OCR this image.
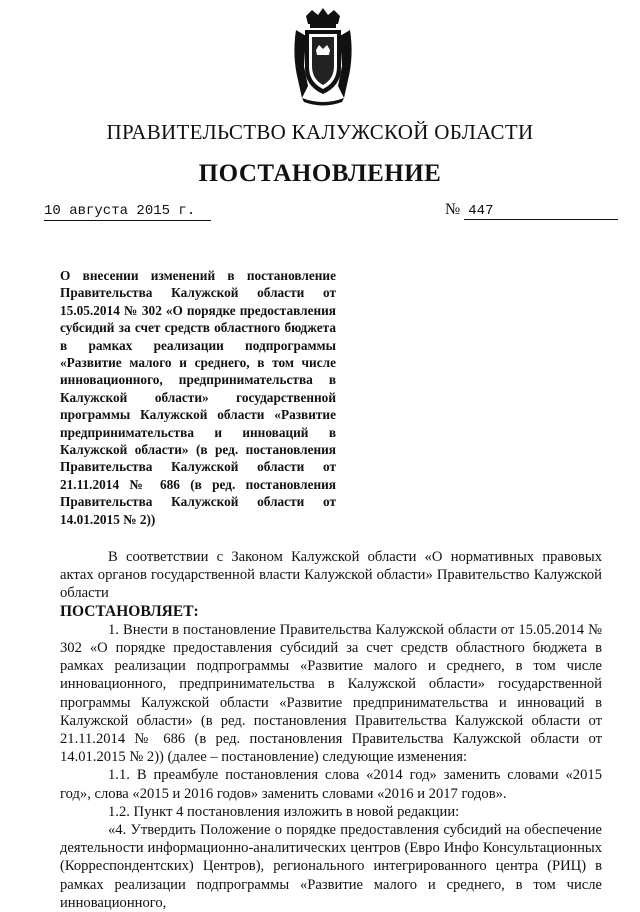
ПРАВИТЕЛЬСТВО КАЛУЖСКОЙ ОБЛАСТИ
ПОСТАНОВЛЕНИЕ
10 августа 2015 г.	№ 447
О внесении изменений в постановление Правительства Калужской области от 15.05.2014 № 302 «О порядке предоставления субсидий за счет средств областного бюджета в рамках реализации подпрограммы «Развитие малого и среднего, в том числе инновационного, предпринимательства в Калужской области» государственной программы Калужской области «Развитие предпринимательства и инноваций в Калужской области» (в ред. постановления Правительства Калужской области от 21.11.2014 № 686 (в ред. постановления Правительства Калужской области от 14.01.2015 № 2))

В соответствии с Законом Калужской области «О нормативных правовых актах органов государственной власти Калужской области» Правительство Калужской области

ПОСТАНОВЛЯЕТ:

1. Внести в постановление Правительства Калужской области от 15.05.2014 № 302 «О порядке предоставления субсидий за счет средств областного бюджета в рамках реализации подпрограммы «Развитие малого и среднего, в том числе инновационного, предпринимательства в Калужской области» государственной программы Калужской области «Развитие предпринимательства и инноваций в Калужской области» (в ред. постановления Правительства Калужской области от 21.11.2014 № 686 (в ред. постановления Правительства Калужской области от 14.01.2015 № 2)) (далее – постановление) следующие изменения:

1.1. В преамбуле постановления слова «2014 год» заменить словами «2015 год», слова «2015 и 2016 годов» заменить словами «2016 и 2017 годов».

1.2. Пункт 4 постановления изложить в новой редакции:

«4. Утвердить Положение о порядке предоставления субсидий на обеспечение деятельности информационно-аналитических центров (Евро Инфо Консультационных (Корреспондентских) Центров), регионального интегрированного центра (РИЦ) в рамках реализации подпрограммы «Развитие малого и среднего, в том числе инновационного,
